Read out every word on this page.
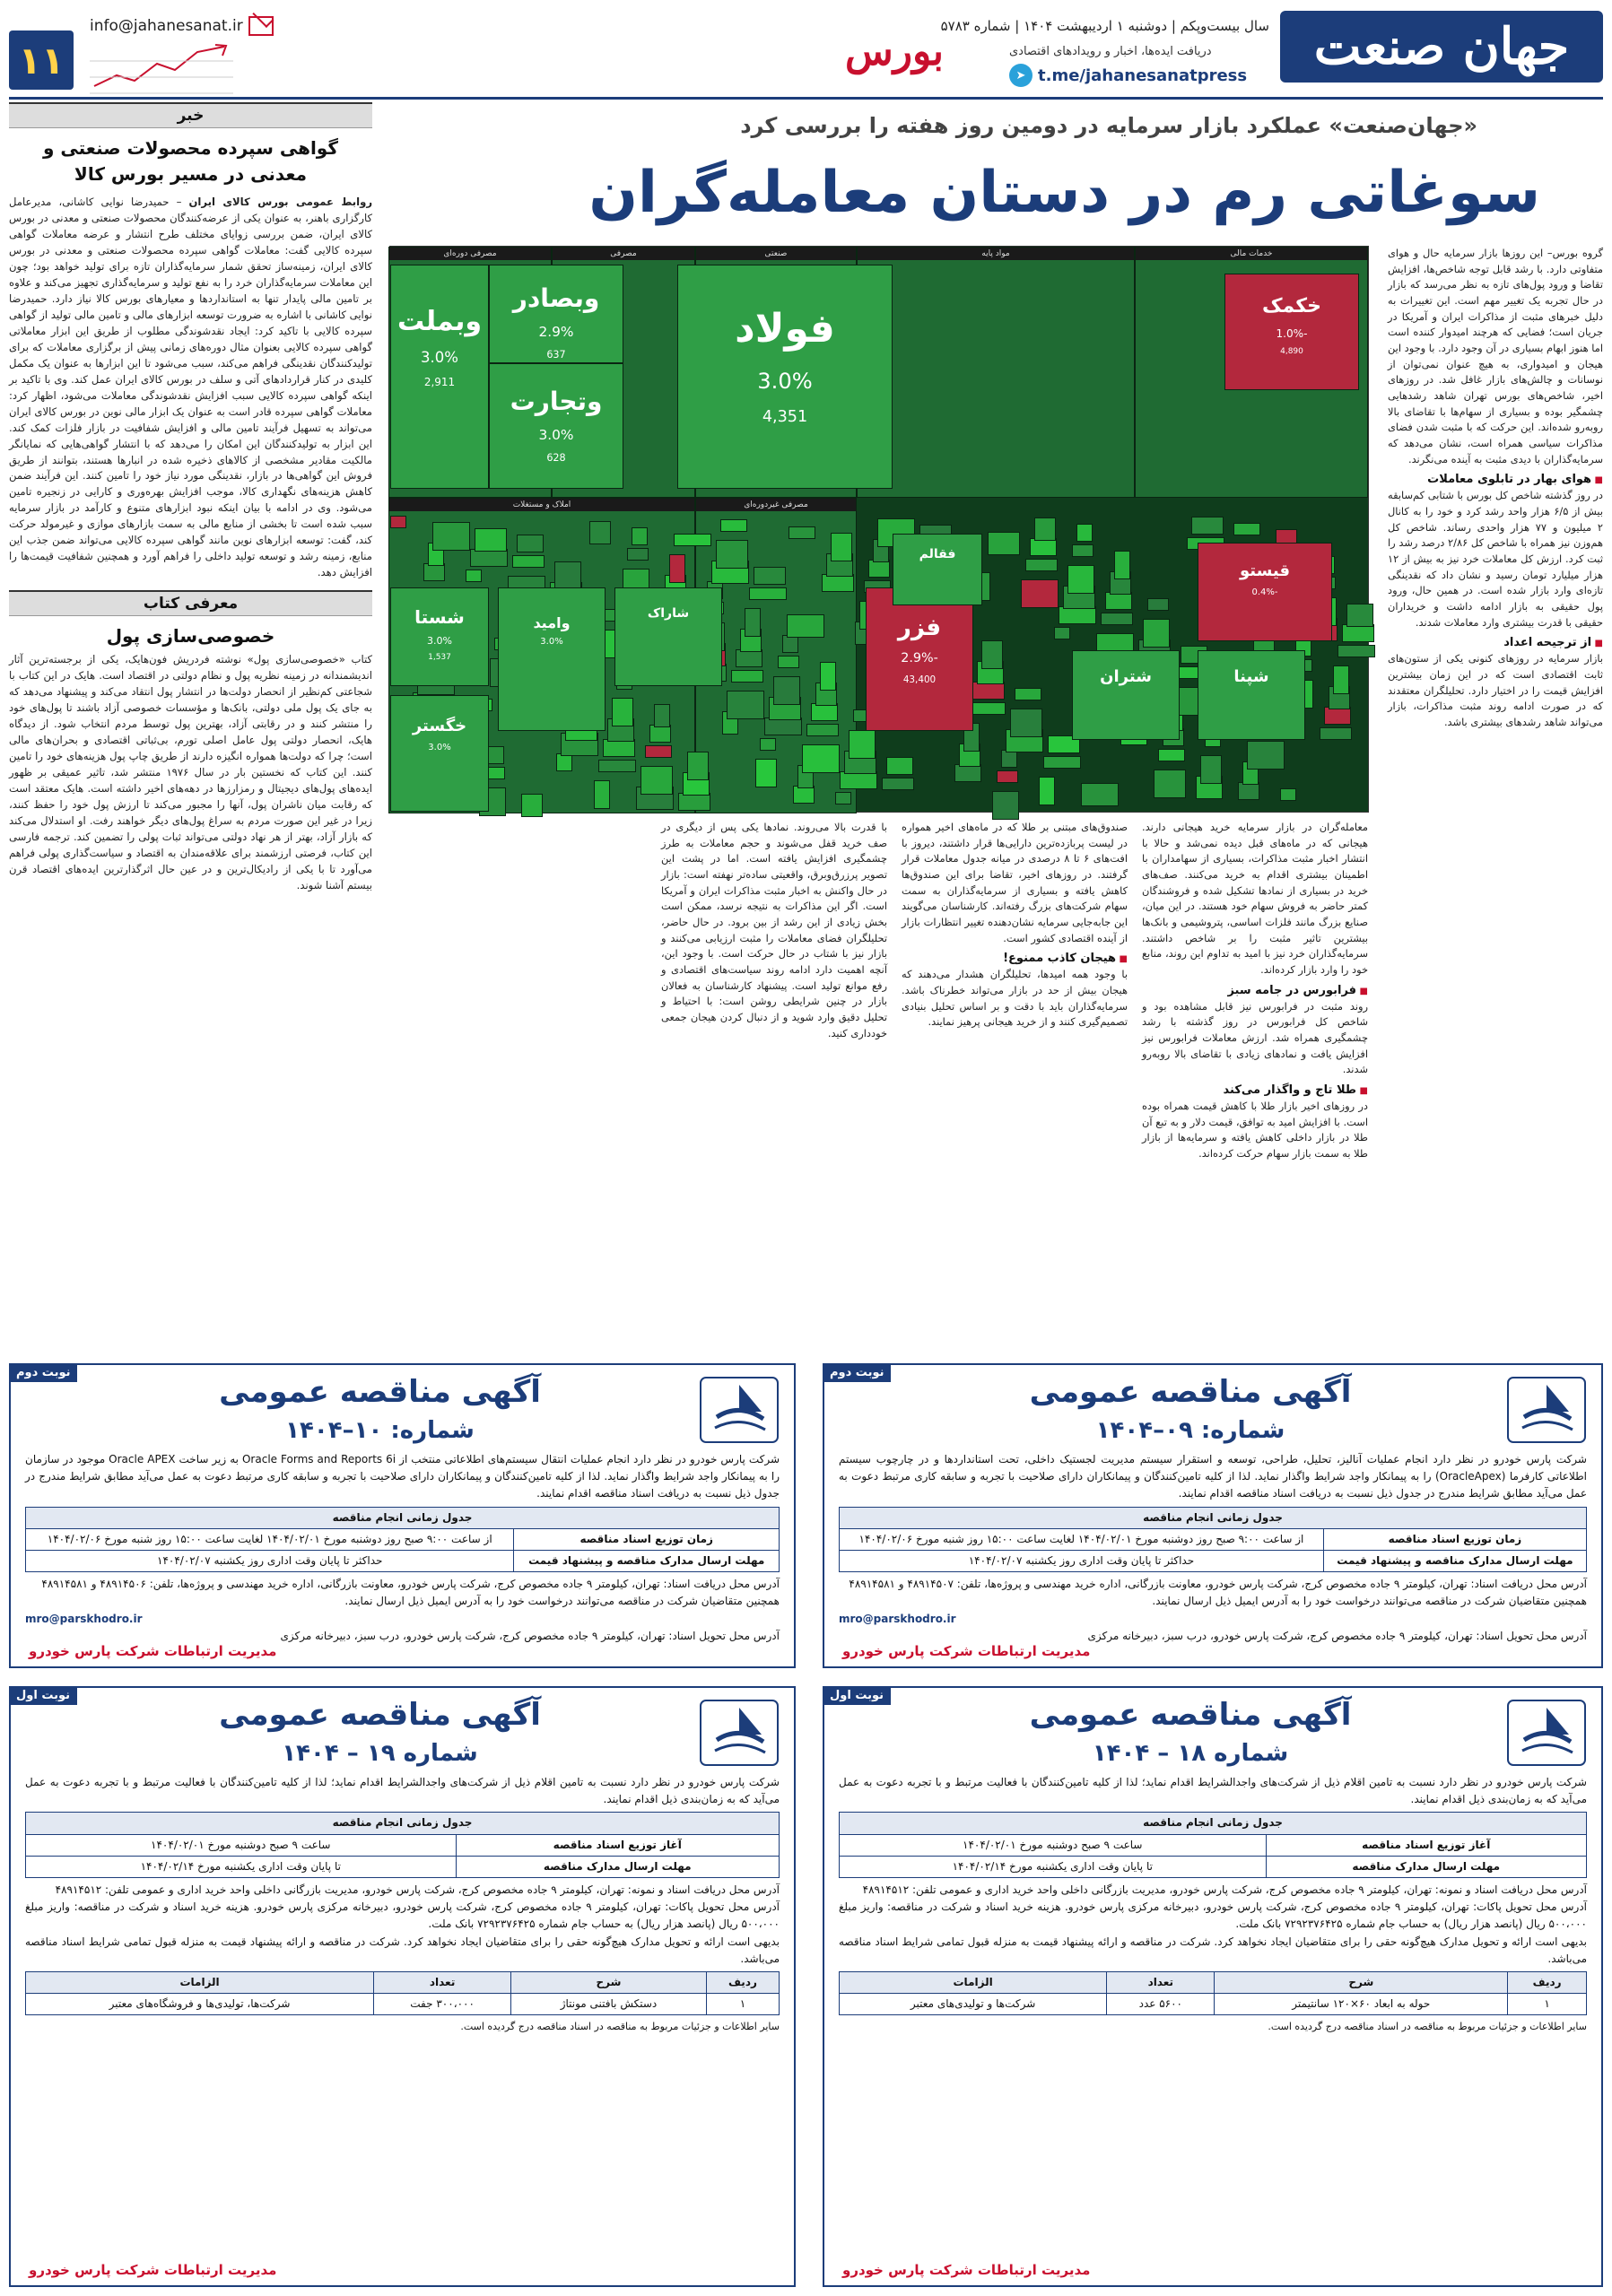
جهان صنعت
سال بیست‌وپکم | دوشنبه ۱ اردیبهشت ۱۴۰۴ | شماره ۵۷۸۳
دریافت ایده‌ها، اخبار و رویدادهای اقتصادی
t.me/jahanesanatpress
➤
بورس
info@jahanesanat.ir
۱۱
خبر
گواهی سپرده محصولات صنعتی و معدنی در مسیر بورس کالا

روابط عمومی بورس کالای ایران – حمیدرضا نوایی کاشانی، مدیرعامل کارگزاری باهنر، به عنوان یکی از عرضه‌کنندگان محصولات صنعتی و معدنی در بورس کالای ایران، ضمن بررسی زوایای مختلف طرح انتشار و عرضه معاملات گواهی سپرده کالایی گفت: معاملات گواهی سپرده محصولات صنعتی و معدنی در بورس کالای ایران، زمینه‌ساز تحقق شمار سرمایه‌گذاران تازه برای تولید خواهد بود؛ چون این معاملات سرمایه‌گذاران خرد را به نفع تولید و سرمایه‌گذاری تجهیز می‌کند و علاوه بر تامین مالی پایدار تنها به استانداردها و معیارهای بورس کالا نیاز دارد. حمیدرضا نوایی کاشانی با اشاره به ضرورت توسعه ابزارهای مالی و تامین مالی تولید از گواهی سپرده کالایی با تاکید کرد: ایجاد نقدشوندگی مطلوب از طریق این ابزار معاملاتی گواهی سپرده کالایی بعنوان مثال دوره‌های زمانی پیش از برگزاری معاملات که برای تولیدکنندگان نقدینگی فراهم می‌کند، سبب می‌شود تا این ابزارها به عنوان یک مکمل کلیدی در کنار قراردادهای آتی و سلف در بورس کالای ایران عمل کند. وی با تاکید بر اینکه گواهی سپرده کالایی سبب افزایش نقدشوندگی معاملات می‌شود، اظهار کرد: معاملات گواهی سپرده قادر است به عنوان یک ابزار مالی نوین در بورس کالای ایران می‌تواند به تسهیل فرآیند تامین مالی و افزایش شفافیت در بازار فلزات کمک کند. این ابزار به تولیدکنندگان این امکان را می‌دهد که با انتشار گواهی‌هایی که نمایانگر مالکیت مقادیر مشخصی از کالاهای ذخیره شده در انبارها هستند، بتوانند از طریق فروش این گواهی‌ها در بازار، نقدینگی مورد نیاز خود را تامین کنند. این فرآیند ضمن کاهش هزینه‌های نگهداری کالا، موجب افزایش بهره‌وری و کارایی در زنجیره تامین می‌شود. وی در ادامه با بیان اینکه نبود ابزارهای متنوع و کارآمد در بازار سرمایه سبب شده است تا بخشی از منابع مالی به سمت بازارهای موازی و غیرمولد حرکت کند، گفت: توسعه ابزارهای نوین مانند گواهی سپرده کالایی می‌تواند ضمن جذب این منابع، زمینه رشد و توسعه تولید داخلی را فراهم آورد و همچنین شفافیت قیمت‌ها را افزایش دهد.

معرفی کتاب
خصوصی‌سازی پول

کتاب «خصوصی‌سازی پول» نوشته فردریش فون‌هایک، یکی از برجسته‌ترین آثار اندیشمندانه در زمینه نظریه پول و نظام دولتی در اقتصاد است. هایک در این کتاب با شجاعتی کم‌نظیر از انحصار دولت‌ها در انتشار پول انتقاد می‌کند و پیشنهاد می‌دهد که به جای یک پول ملی دولتی، بانک‌ها و مؤسسات خصوصی آزاد باشند تا پول‌های خود را منتشر کنند و در رقابتی آزاد، بهترین پول توسط مردم انتخاب شود. از دیدگاه هایک، انحصار دولتی پول عامل اصلی تورم، بی‌ثباتی اقتصادی و بحران‌های مالی است؛ چرا که دولت‌ها همواره انگیزه دارند از طریق چاپ پول هزینه‌های خود را تامین کنند. این کتاب که نخستین بار در سال ۱۹۷۶ منتشر شد، تاثیر عمیقی بر ظهور ایده‌های پول‌های دیجیتال و رمزارزها در دهه‌های اخیر داشته است. هایک معتقد است که رقابت میان ناشران پول، آنها را مجبور می‌کند تا ارزش پول خود را حفظ کنند، زیرا در غیر این صورت مردم به سراغ پول‌های دیگر خواهند رفت. او استدلال می‌کند که بازار آزاد، بهتر از هر نهاد دولتی می‌تواند ثبات پولی را تضمین کند. ترجمه فارسی این کتاب، فرصتی ارزشمند برای علاقه‌مندان به اقتصاد و سیاست‌گذاری پولی فراهم می‌آورد تا با یکی از رادیکال‌ترین و در عین حال اثرگذارترین ایده‌های اقتصاد قرن بیستم آشنا شوند.

«جهان‌صنعت» عملکرد بازار سرمایه در دومین روز هفته را بررسی کرد
سوغاتی رم در دستان معامله‌گران

گروه بورس– این روزها بازار سرمایه حال و هوای متفاوتی دارد. با رشد قابل توجه شاخص‌ها، افزایش تقاضا و ورود پول‌های تازه به نظر می‌رسد که بازار در حال تجربه یک تغییر مهم است. این تغییرات به دلیل خبرهای مثبت از مذاکرات ایران و آمریکا در جریان است؛ فضایی که هرچند امیدوار کننده است اما هنوز ابهام بسیاری در آن وجود دارد. با وجود این هیجان و امیدواری، به هیچ عنوان نمی‌توان از نوسانات و چالش‌های بازار غافل شد. در روزهای اخیر، شاخص‌های بورس تهران شاهد رشدهایی چشمگیر بوده و بسیاری از سهام‌ها با تقاضای بالا روبه‌رو شده‌اند. این حرکت که با مثبت شدن فضای مذاکرات سیاسی همراه است، نشان می‌دهد که سرمایه‌گذاران با دیدی مثبت به آینده می‌نگرند.

■ هوای بهار در تابلوی معاملات

در روز گذشته شاخص کل بورس با شتابی کم‌سابقه بیش از ۶/۵ هزار واحد رشد کرد و خود را به کانال ۲ میلیون و ۷۷ هزار واحدی رساند. شاخص کل هم‌وزن نیز همراه با شاخص کل ۲/۸۶ درصد رشد را ثبت کرد. ارزش کل معاملات خرد نیز به بیش از ۱۲ هزار میلیارد تومان رسید و نشان داد که نقدینگی تازه‌ای وارد بازار شده است. در همین حال، ورود پول حقیقی به بازار ادامه داشت و خریداران حقیقی با قدرت بیشتری وارد معاملات شدند.

■ از ترجیحه اعداد

بازار سرمایه در روزهای کنونی یکی از ستون‌های ثابت اقتصادی است که در این زمان بیشترین افزایش قیمت را در اختیار دارد. تحلیلگران معتقدند که در صورت ادامه روند مثبت مذاکرات، بازار می‌تواند شاهد رشدهای بیشتری باشد.

خدمات مالی
مواد پایه
صنعتی
مصرفی
مصرفی دوره‌ای
املاک و مستغلات	مصرفی غیردوره‌ای
فولاد
3.0%
4,351
وبصادر
2.9%
637
وبملت
3.0%
2,911
وتجارت
3.0%
628
خکمک
-1.0%
4,890
فزر
-2.9%
43,400
شستا
3.0%
1,537
خگستر
3.0%
شتران	شپنا
قیستو
-0.4%
فقالم
وامید
3.0%
شاراک

معامله‌گران در بازار سرمایه خرید هیجانی دارند. هیجانی که در ماه‌های قبل دیده نمی‌شد و حالا با انتشار اخبار مثبت مذاکرات، بسیاری از سهامداران با اطمینان بیشتری اقدام به خرید می‌کنند. صف‌های خرید در بسیاری از نمادها تشکیل شده و فروشندگان کمتر حاضر به فروش سهام خود هستند. در این میان، صنایع بزرگ مانند فلزات اساسی، پتروشیمی و بانک‌ها بیشترین تاثیر مثبت را بر شاخص داشتند. سرمایه‌گذاران خرد نیز با امید به تداوم این روند، منابع خود را وارد بازار کرده‌اند.

■ فرابورس در جامه سبز

روند مثبت در فرابورس نیز قابل مشاهده بود و شاخص کل فرابورس در روز گذشته با رشد چشمگیری همراه شد. ارزش معاملات فرابورس نیز افزایش یافت و نمادهای زیادی با تقاضای بالا روبه‌رو شدند.

■ طلا تاج و واگذار می‌کند

در روزهای اخیر بازار طلا با کاهش قیمت همراه بوده است. با افزایش امید به توافق، قیمت دلار و به تبع آن طلا در بازار داخلی کاهش یافته و سرمایه‌ها از بازار طلا به سمت بازار سهام حرکت کرده‌اند.

صندوق‌های مبتنی بر طلا که در ماه‌های اخیر همواره در لیست پربازده‌ترین دارایی‌ها قرار داشتند، دیروز با افت‌های ۶ تا ۸ درصدی در میانه جدول معاملات قرار گرفتند. در روزهای اخیر، تقاضا برای این صندوق‌ها کاهش یافته و بسیاری از سرمایه‌گذاران به سمت سهام شرکت‌های بزرگ رفته‌اند. کارشناسان می‌گویند این جابه‌جایی سرمایه نشان‌دهنده تغییر انتظارات بازار از آینده اقتصادی کشور است.

■ هیجان کاذب ممنوع!

با وجود همه امیدها، تحلیلگران هشدار می‌دهند که هیجان بیش از حد در بازار می‌تواند خطرناک باشد. سرمایه‌گذاران باید با دقت و بر اساس تحلیل بنیادی تصمیم‌گیری کنند و از خرید هیجانی پرهیز نمایند.

با قدرت بالا می‌روند. نمادها یکی پس از دیگری در صف خرید قفل می‌شوند و حجم معاملات به طرز چشمگیری افزایش یافته است. اما در پشت این تصویر پرزرق‌وبرق، واقعیتی ساده‌تر نهفته است: بازار در حال واکنش به اخبار مثبت مذاکرات ایران و آمریکا است. اگر این مذاکرات به نتیجه نرسد، ممکن است بخش زیادی از این رشد از بین برود. در حال حاضر، تحلیلگران فضای معاملات را مثبت ارزیابی می‌کنند و بازار نیز با شتاب در حال حرکت است. با وجود این، آنچه اهمیت دارد ادامه روند سیاست‌های اقتصادی و رفع موانع تولید است. پیشنهاد کارشناسان به فعالان بازار در چنین شرایطی روشن است: با احتیاط و تحلیل دقیق وارد شوید و از دنبال کردن هیجان جمعی خودداری کنید.

نوبت دوم
آگهی مناقصه عمومی
شماره: ۰۹–۱۴۰۴

شرکت پارس خودرو در نظر دارد انجام عملیات آنالیز، تحلیل، طراحی، توسعه و استقرار سیستم مدیریت لجستیک داخلی، تحت استانداردها و در چارچوب سیستم اطلاعاتی کارفرما (OracleApex) را به پیمانکار واجد شرایط واگذار نماید. لذا از کلیه تامین‌کنندگان و پیمانکاران دارای صلاحیت با تجربه و سابقه کاری مرتبط دعوت به عمل می‌آید مطابق شرایط مندرج در جدول ذیل نسبت به دریافت اسناد مناقصه اقدام نمایند.

جدول زمانی انجام مناقصه	
زمان توزیع اسناد مناقصه	از ساعت ۹:۰۰ صبح روز دوشنبه مورخ ۱۴۰۴/۰۲/۰۱ لغایت ساعت ۱۵:۰۰ روز شنبه مورخ ۱۴۰۴/۰۲/۰۶
مهلت ارسال مدارک مناقصه و پیشنهاد قیمت	حداکثر تا پایان وقت اداری روز یکشنبه ۱۴۰۴/۰۲/۰۷

آدرس محل دریافت اسناد: تهران، کیلومتر ۹ جاده مخصوص کرج، شرکت پارس خودرو، معاونت بازرگانی، اداره خرید مهندسی و پروژه‌ها، تلفن: ۴۸۹۱۴۵۰۷ و ۴۸۹۱۴۵۸۱

همچنین متقاضیان شرکت در مناقصه می‌توانند درخواست خود را به آدرس ایمیل ذیل ارسال نمایند.

mro@parskhodro.ir

آدرس محل تحویل اسناد: تهران، کیلومتر ۹ جاده مخصوص کرج، شرکت پارس خودرو، درب سبز، دبیرخانه مرکزی

مدیریت ارتباطات شرکت پارس خودرو
نوبت دوم
آگهی مناقصه عمومی
شماره: ۱۰–۱۴۰۴

شرکت پارس خودرو در نظر دارد انجام عملیات انتقال سیستم‌های اطلاعاتی منتخب از Oracle Forms and Reports 6i به زیر ساخت Oracle APEX موجود در سازمان را به پیمانکار واجد شرایط واگذار نماید. لذا از کلیه تامین‌کنندگان و پیمانکاران دارای صلاحیت با تجربه و سابقه کاری مرتبط دعوت به عمل می‌آید مطابق شرایط مندرج در جدول ذیل نسبت به دریافت اسناد مناقصه اقدام نمایند.

جدول زمانی انجام مناقصه	
زمان توزیع اسناد مناقصه	از ساعت ۹:۰۰ صبح روز دوشنبه مورخ ۱۴۰۴/۰۲/۰۱ لغایت ساعت ۱۵:۰۰ روز شنبه مورخ ۱۴۰۴/۰۲/۰۶
مهلت ارسال مدارک مناقصه و پیشنهاد قیمت	حداکثر تا پایان وقت اداری روز یکشنبه ۱۴۰۴/۰۲/۰۷

آدرس محل دریافت اسناد: تهران، کیلومتر ۹ جاده مخصوص کرج، شرکت پارس خودرو، معاونت بازرگانی، اداره خرید مهندسی و پروژه‌ها، تلفن: ۴۸۹۱۴۵۰۶ و ۴۸۹۱۴۵۸۱

همچنین متقاضیان شرکت در مناقصه می‌توانند درخواست خود را به آدرس ایمیل ذیل ارسال نمایند.

mro@parskhodro.ir

آدرس محل تحویل اسناد: تهران، کیلومتر ۹ جاده مخصوص کرج، شرکت پارس خودرو، درب سبز، دبیرخانه مرکزی

مدیریت ارتباطات شرکت پارس خودرو
نوبت اول
آگهی مناقصه عمومی
شماره ۱۸ – ۱۴۰۴

شرکت پارس خودرو در نظر دارد نسبت به تامین اقلام ذیل از شرکت‌های واجدالشرایط اقدام نماید؛ لذا از کلیه تامین‌کنندگان با فعالیت مرتبط و با تجربه دعوت به عمل می‌آید که به زمان‌بندی ذیل اقدام نمایند.

جدول زمانی انجام مناقصه	
آغاز توزیع اسناد مناقصه	ساعت ۹ صبح دوشنبه مورخ ۱۴۰۴/۰۲/۰۱
مهلت ارسال مدارک مناقصه	تا پایان وقت اداری یکشنبه مورخ ۱۴۰۴/۰۲/۱۴

آدرس محل دریافت اسناد و نمونه: تهران، کیلومتر ۹ جاده مخصوص کرج، شرکت پارس خودرو، مدیریت بازرگانی داخلی واحد خرید اداری و عمومی تلفن: ۴۸۹۱۴۵۱۲

آدرس محل تحویل پاکات: تهران، کیلومتر ۹ جاده مخصوص کرج، شرکت پارس خودرو، دبیرخانه مرکزی پارس خودرو. هزینه خرید اسناد و شرکت در مناقصه: واریز مبلغ ۵۰۰،۰۰۰ ریال (پانصد هزار ریال) به حساب جام شماره ۷۲۹۲۳۷۶۴۲۵ بانک ملت.

بدیهی است ارائه و تحویل مدارک هیچ‌گونه حقی را برای متقاضیان ایجاد نخواهد کرد. شرکت در مناقصه و ارائه پیشنهاد قیمت به منزله قبول تمامی شرایط اسناد مناقصه می‌باشد.

ردیف	شرح	تعداد	الزامات
۱	حوله به ابعاد ۶۰×۱۲۰ سانتیمتر	۵۶۰۰ عدد	شرکت‌ها و تولیدی‌های معتبر

سایر اطلاعات و جزئیات مربوط به مناقصه در اسناد مناقصه درج گردیده است.

مدیریت ارتباطات شرکت پارس خودرو
نوبت اول
آگهی مناقصه عمومی
شماره ۱۹ – ۱۴۰۴

شرکت پارس خودرو در نظر دارد نسبت به تامین اقلام ذیل از شرکت‌های واجدالشرایط اقدام نماید؛ لذا از کلیه تامین‌کنندگان با فعالیت مرتبط و با تجربه دعوت به عمل می‌آید که به زمان‌بندی ذیل اقدام نمایند.

جدول زمانی انجام مناقصه	
آغاز توزیع اسناد مناقصه	ساعت ۹ صبح دوشنبه مورخ ۱۴۰۴/۰۲/۰۱
مهلت ارسال مدارک مناقصه	تا پایان وقت اداری یکشنبه مورخ ۱۴۰۴/۰۲/۱۴

آدرس محل دریافت اسناد و نمونه: تهران، کیلومتر ۹ جاده مخصوص کرج، شرکت پارس خودرو، مدیریت بازرگانی داخلی واحد خرید اداری و عمومی تلفن: ۴۸۹۱۴۵۱۲

آدرس محل تحویل پاکات: تهران، کیلومتر ۹ جاده مخصوص کرج، شرکت پارس خودرو، دبیرخانه مرکزی پارس خودرو. هزینه خرید اسناد و شرکت در مناقصه: واریز مبلغ ۵۰۰،۰۰۰ ریال (پانصد هزار ریال) به حساب جام شماره ۷۲۹۲۳۷۶۴۲۵ بانک ملت.

بدیهی است ارائه و تحویل مدارک هیچ‌گونه حقی را برای متقاضیان ایجاد نخواهد کرد. شرکت در مناقصه و ارائه پیشنهاد قیمت به منزله قبول تمامی شرایط اسناد مناقصه می‌باشد.

ردیف	شرح	تعداد	الزامات
۱	دستکش بافتنی مونتاژ	۳۰۰،۰۰۰ جفت	شرکت‌ها، تولیدی‌ها و فروشگاه‌های معتبر

سایر اطلاعات و جزئیات مربوط به مناقصه در اسناد مناقصه درج گردیده است.

مدیریت ارتباطات شرکت پارس خودرو
